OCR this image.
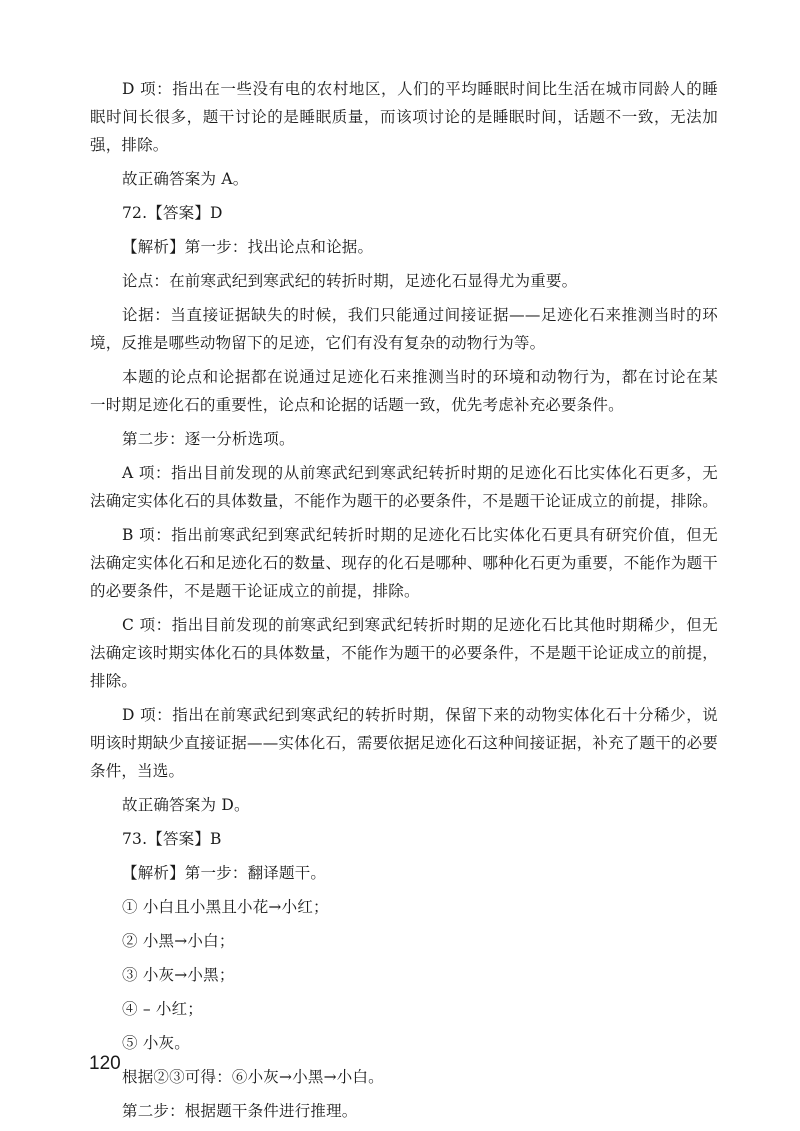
D 项：指出在一些没有电的农村地区，人们的平均睡眠时间比生活在城市同龄人的睡眠时间长很多，题干讨论的是睡眠质量，而该项讨论的是睡眠时间，话题不一致，无法加强，排除。

故正确答案为 A。

72.【答案】D

【解析】第一步：找出论点和论据。

论点：在前寒武纪到寒武纪的转折时期，足迹化石显得尤为重要。

论据：当直接证据缺失的时候，我们只能通过间接证据——足迹化石来推测当时的环境，反推是哪些动物留下的足迹，它们有没有复杂的动物行为等。

本题的论点和论据都在说通过足迹化石来推测当时的环境和动物行为，都在讨论在某一时期足迹化石的重要性，论点和论据的话题一致，优先考虑补充必要条件。

第二步：逐一分析选项。

A 项：指出目前发现的从前寒武纪到寒武纪转折时期的足迹化石比实体化石更多，无法确定实体化石的具体数量，不能作为题干的必要条件，不是题干论证成立的前提，排除。

B 项：指出前寒武纪到寒武纪转折时期的足迹化石比实体化石更具有研究价值，但无法确定实体化石和足迹化石的数量、现存的化石是哪种、哪种化石更为重要，不能作为题干的必要条件，不是题干论证成立的前提，排除。

C 项：指出目前发现的前寒武纪到寒武纪转折时期的足迹化石比其他时期稀少，但无法确定该时期实体化石的具体数量，不能作为题干的必要条件，不是题干论证成立的前提，排除。

D 项：指出在前寒武纪到寒武纪的转折时期，保留下来的动物实体化石十分稀少，说明该时期缺少直接证据——实体化石，需要依据足迹化石这种间接证据，补充了题干的必要条件，当选。

故正确答案为 D。

73.【答案】B

【解析】第一步：翻译题干。

① 小白且小黑且小花→小红；

② 小黑→小白；

③ 小灰→小黑；

④ – 小红；

⑤ 小灰。

根据②③可得：⑥小灰→小黑→小白。

第二步：根据题干条件进行推理。

120
